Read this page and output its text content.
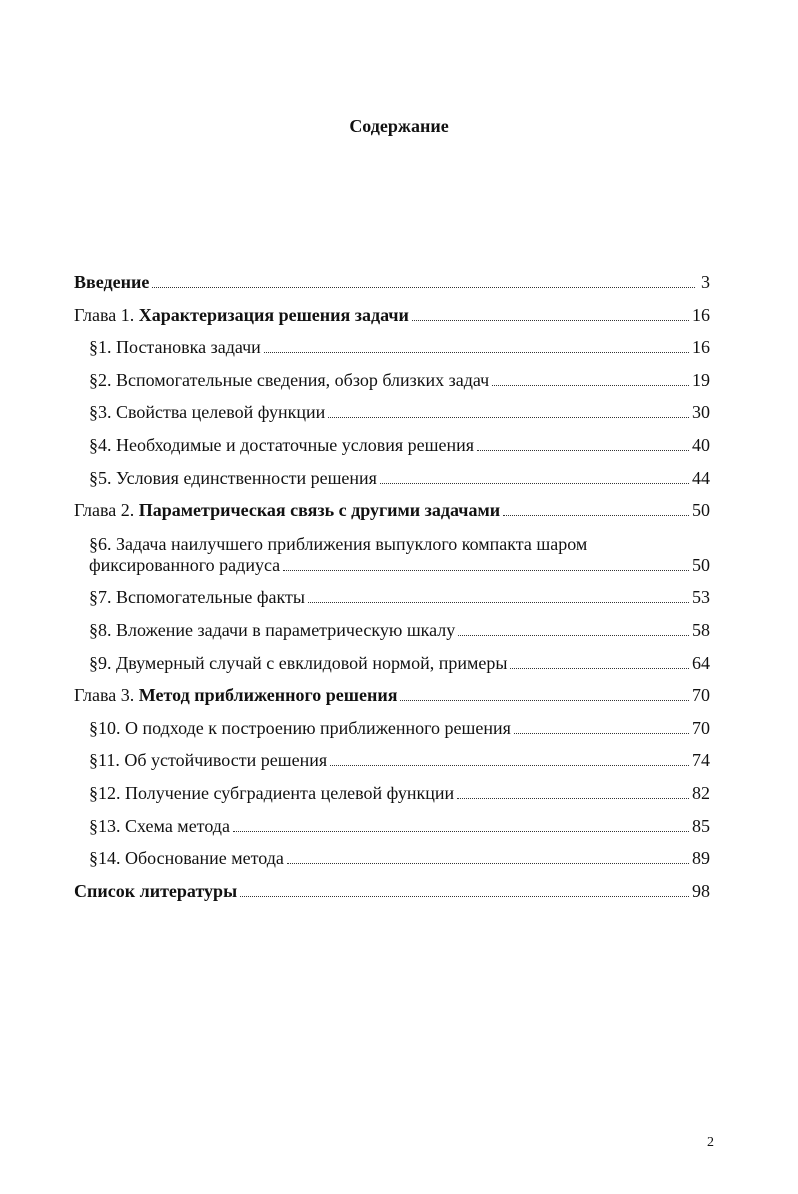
Содержание
Введение	3
Глава 1. Характеризация решения задачи	16
§1. Постановка задачи	16
§2. Вспомогательные сведения, обзор близких задач	19
§3. Свойства целевой функции	30
§4. Необходимые и достаточные условия решения	40
§5. Условия единственности решения	44
Глава 2. Параметрическая связь с другими задачами	50
§6. Задача наилучшего приближения выпуклого компакта шаром
фиксированного радиуса	50
§7. Вспомогательные факты	53
§8. Вложение задачи в параметрическую шкалу	58
§9. Двумерный случай с евклидовой нормой, примеры	64
Глава 3. Метод приближенного решения	70
§10. О подходе к построению приближенного решения	70
§11. Об устойчивости решения	74
§12. Получение субградиента целевой функции	82
§13. Схема метода	85
§14. Обоснование метода	89
Список литературы	98
2
